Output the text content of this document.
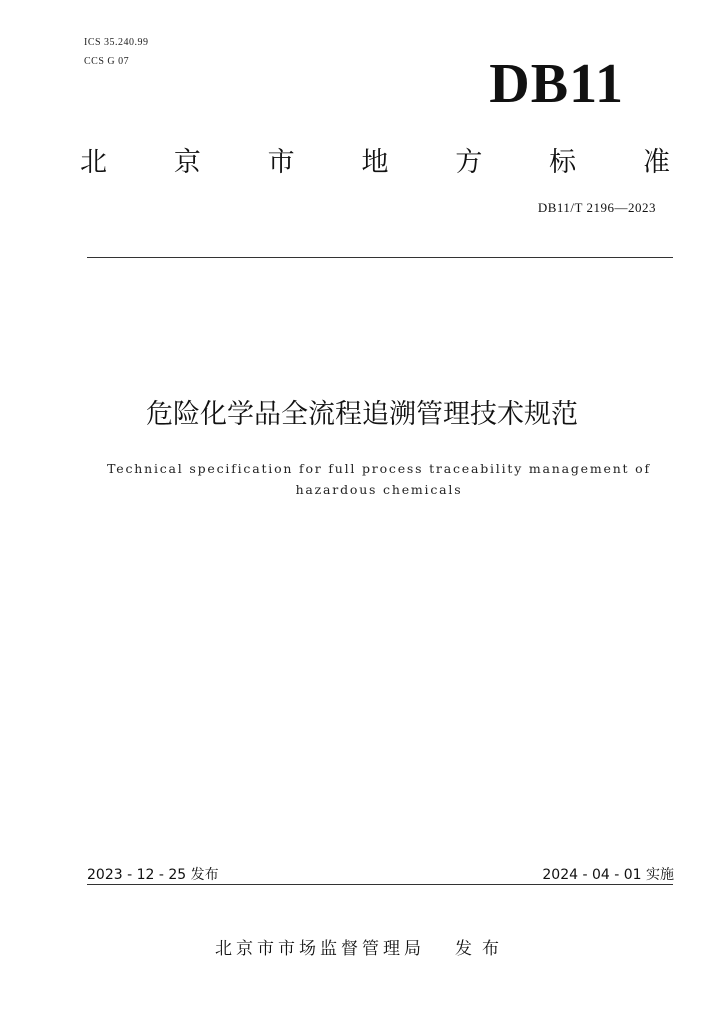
ICS 35.240.99
CCS G 07	DB11
北 京 市 地 方 标 准
DB11/T 2196—2023
危险化学品全流程追溯管理技术规范
Technical specification for full process traceability management of
hazardous chemicals
2023 - 12 - 25 发布	2024 - 04 - 01 实施
北京市市场监督管理局 发布
